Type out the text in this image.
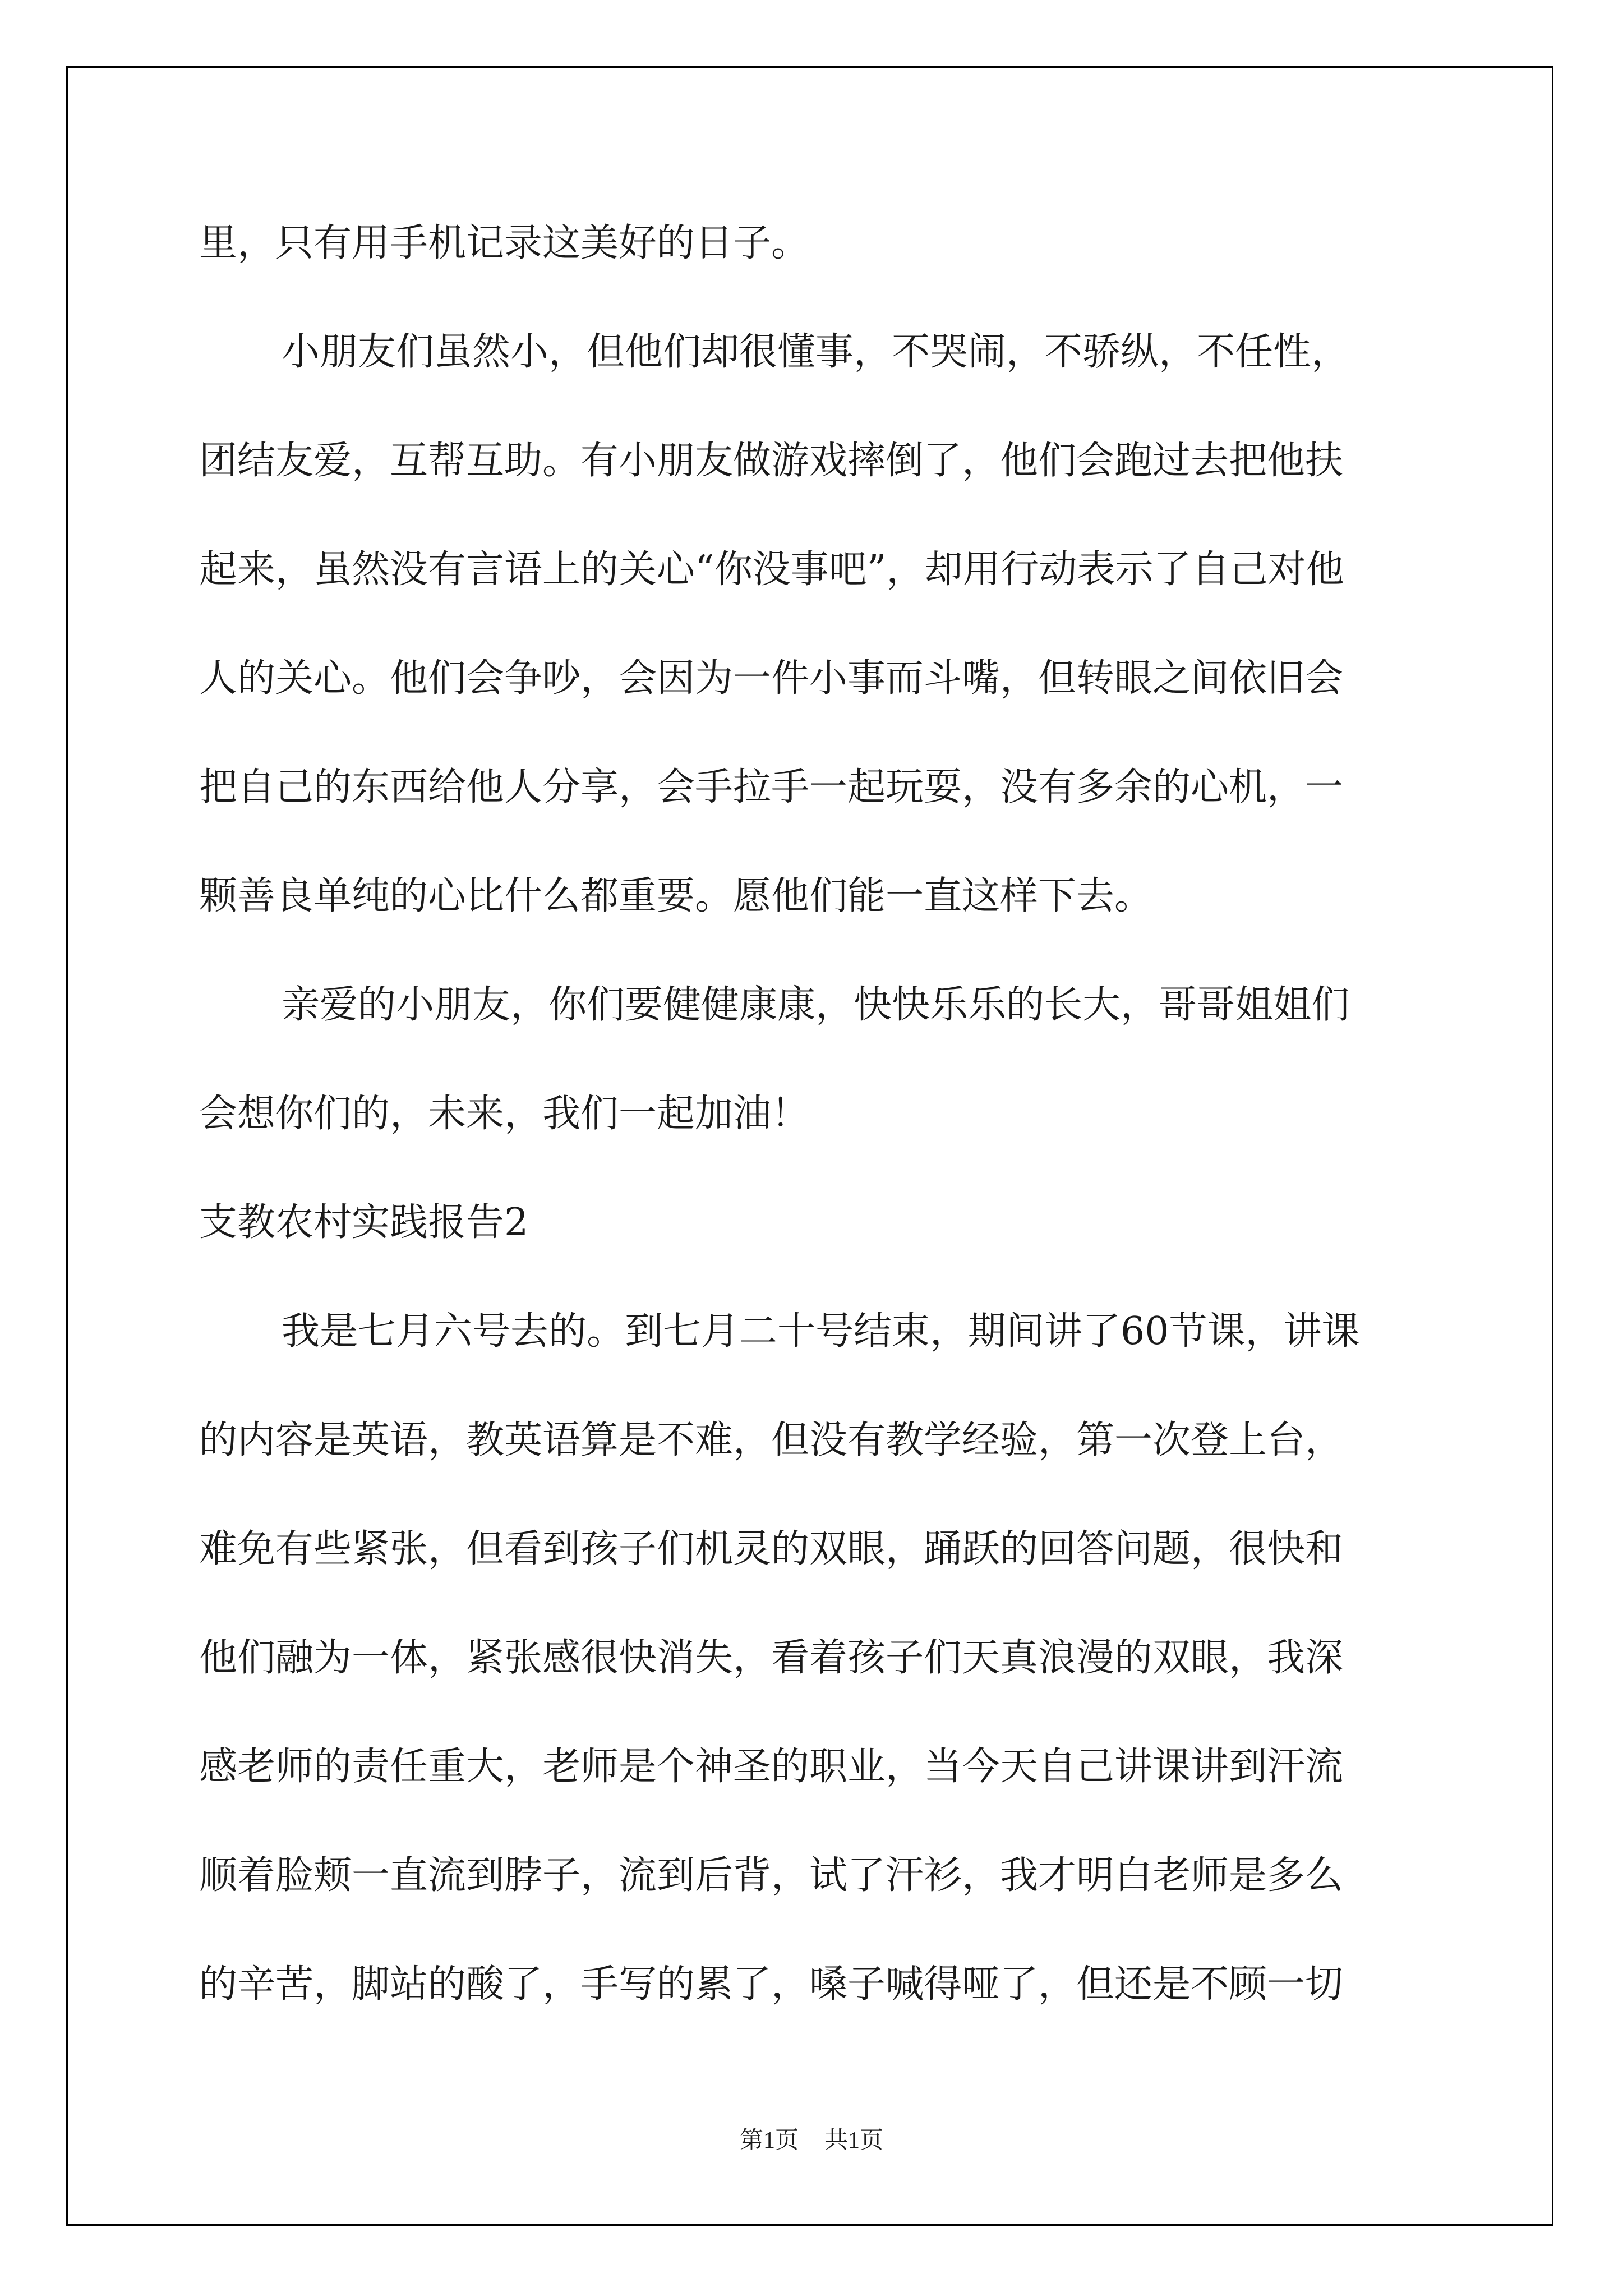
里，只有用手机记录这美好的日子。
小朋友们虽然小，但他们却很懂事，不哭闹，不骄纵，不任性，
团结友爱，互帮互助。有小朋友做游戏摔倒了，他们会跑过去把他扶
起来，虽然没有言语上的关心“你没事吧”，却用行动表示了自己对他
人的关心。他们会争吵，会因为一件小事而斗嘴，但转眼之间依旧会
把自己的东西给他人分享，会手拉手一起玩耍，没有多余的心机，一
颗善良单纯的心比什么都重要。愿他们能一直这样下去。
亲爱的小朋友，你们要健健康康，快快乐乐的长大，哥哥姐姐们
会想你们的，未来，我们一起加油！
支教农村实践报告2
我是七月六号去的。到七月二十号结束，期间讲了60节课，讲课
的内容是英语，教英语算是不难，但没有教学经验，第一次登上台，
难免有些紧张，但看到孩子们机灵的双眼，踊跃的回答问题，很快和
他们融为一体，紧张感很快消失，看着孩子们天真浪漫的双眼，我深
感老师的责任重大，老师是个神圣的职业，当今天自己讲课讲到汗流
顺着脸颊一直流到脖子，流到后背，试了汗衫，我才明白老师是多么
的辛苦，脚站的酸了，手写的累了，嗓子喊得哑了，但还是不顾一切
第1页 共1页
